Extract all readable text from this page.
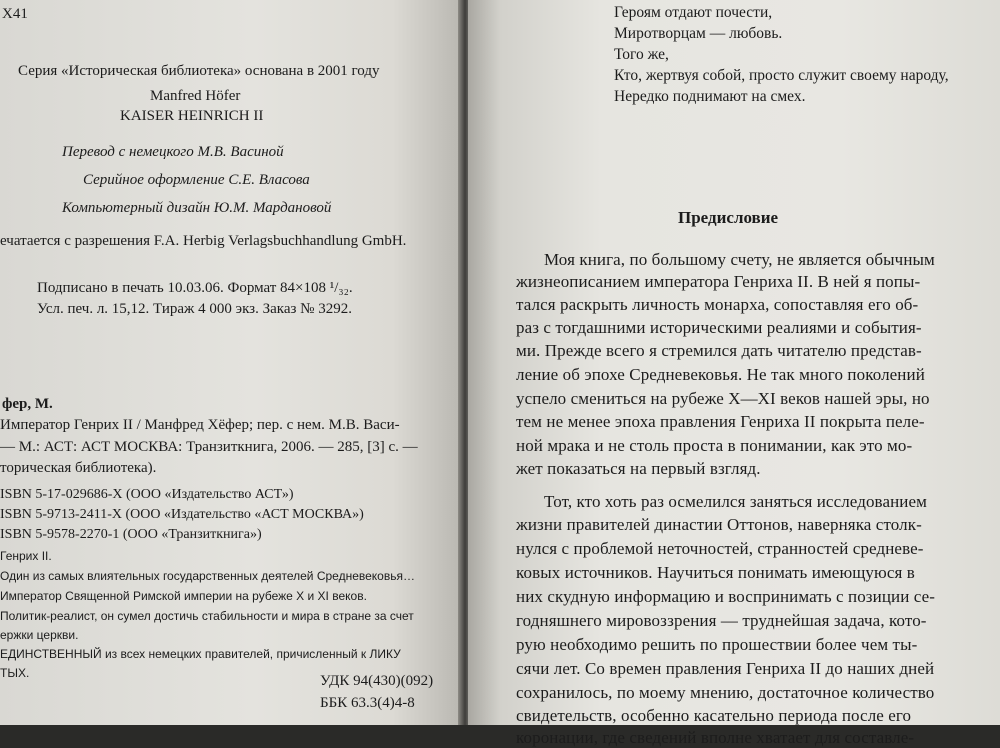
Х41
Серия «Историческая библиотека» основана в 2001 году
Manfred Höfer
KAISER HEINRICH II
Перевод с немецкого М.В. Васиной
Серийное оформление С.Е. Власова
Компьютерный дизайн Ю.М. Мардановой
ечатается с разрешения F.A. Herbig Verlagsbuchhandlung GmbH.
Подписано в печать 10.03.06. Формат 84×108 ¹/₃₂.
Усл. печ. л. 15,12. Тираж 4 000 экз. Заказ № 3292.
фер, М.
Император Генрих II / Манфред Хёфер; пер. с нем. М.В. Васи-
— М.: АСТ: АСТ МОСКВА: Транзиткнига, 2006. — 285, [3] с. —
торическая библиотека).
ISBN 5-17-029686-X (ООО «Издательство АСТ»)
ISBN 5-9713-2411-X (ООО «Издательство «АСТ МОСКВА»)
ISBN 5-9578-2270-1 (ООО «Транзиткнига»)
Генрих II.
Один из самых влиятельных государственных деятелей Средневековья…
Император Священной Римской империи на рубеже X и XI веков.
Политик-реалист, он сумел достичь стабильности и мира в стране за счет
ержки церкви.
ЕДИНСТВЕННЫЙ из всех немецких правителей, причисленный к ЛИКУ
ТЫХ.	УДК 94(430)(092)
ББК 63.3(4)4-8
Героям отдают почести,
Миротворцам — любовь.
Того же,
Кто, жертвуя собой, просто служит своему народу,
Нередко поднимают на смех.
Предисловие
Моя книга, по большому счету, не является обычным
жизнеописанием императора Генриха II. В ней я попы-
тался раскрыть личность монарха, сопоставляя его об-
раз с тогдашними историческими реалиями и события-
ми. Прежде всего я стремился дать читателю представ-
ление об эпохе Средневековья. Не так много поколений
успело смениться на рубеже X—XI веков нашей эры, но
тем не менее эпоха правления Генриха II покрыта пеле-
ной мрака и не столь проста в понимании, как это мо-
жет показаться на первый взгляд.
Тот, кто хоть раз осмелился заняться исследованием
жизни правителей династии Оттонов, наверняка столк-
нулся с проблемой неточностей, странностей средневе-
ковых источников. Научиться понимать имеющуюся в
них скудную информацию и воспринимать с позиции се-
годняшнего мировоззрения — труднейшая задача, кото-
рую необходимо решить по прошествии более чем ты-
сячи лет. Со времен правления Генриха II до наших дней
сохранилось, по моему мнению, достаточное количество
свидетельств, особенно касательно периода после его
коронации, где сведений вполне хватает для составле-
